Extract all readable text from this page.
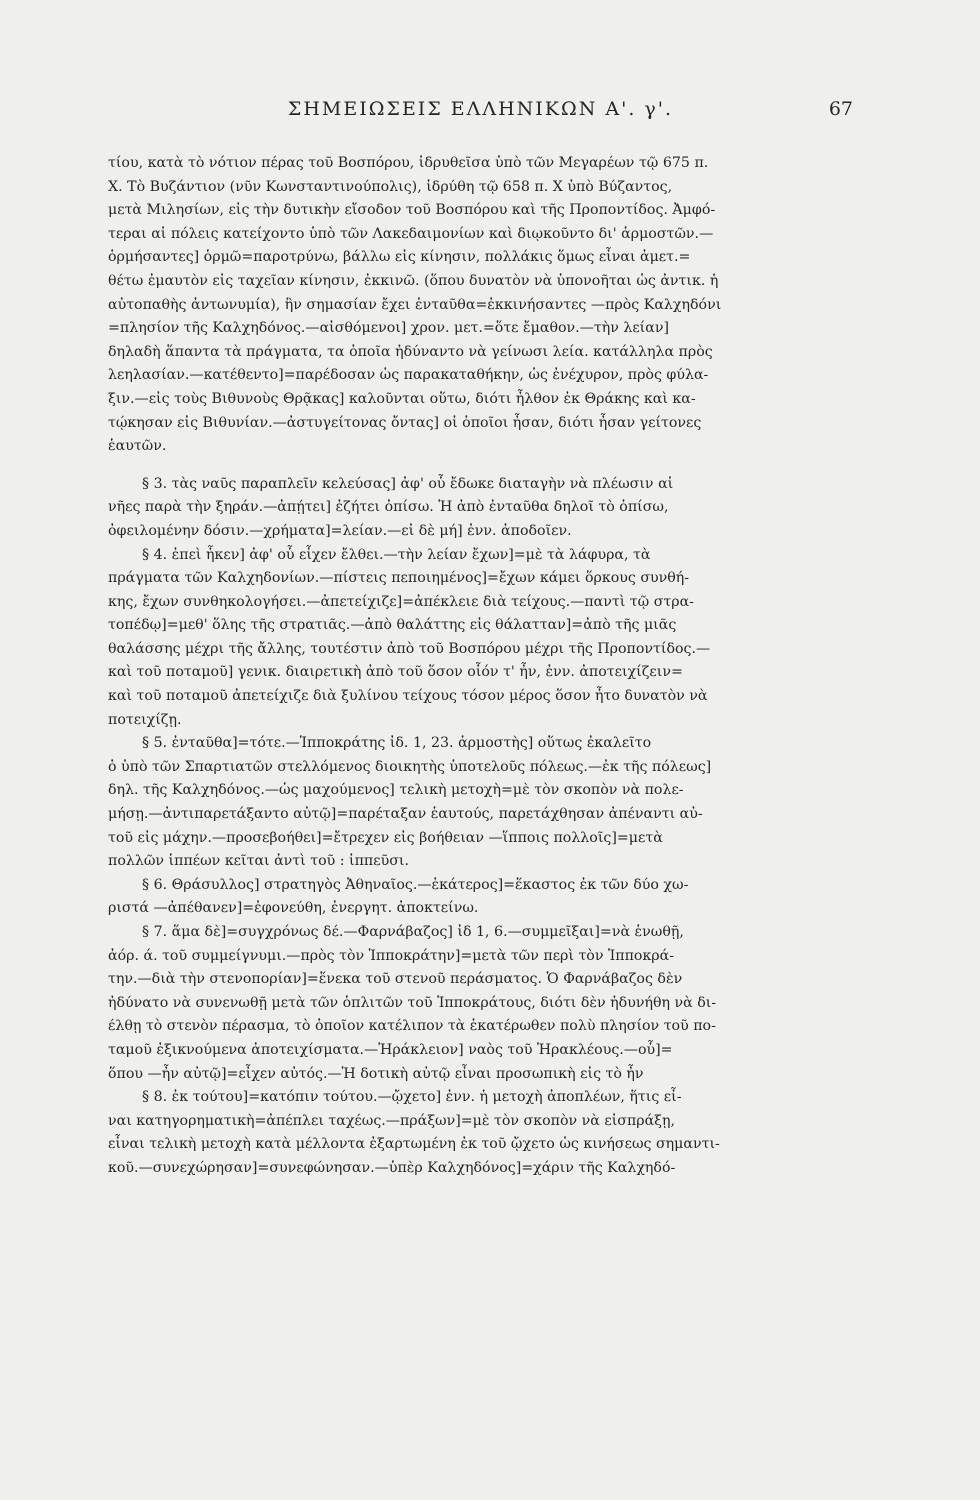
ΣΗΜΕΙΩΣΕΙΣ ΕΛΛΗΝΙΚΩΝ Α'. γ'.	67
τίου, κατὰ τὸ νότιον πέρας τοῦ Βοσπόρου, ἱδρυθεῖσα ὑπὸ τῶν Μεγαρέων τῷ 675 π.
Χ. Τὸ Βυζάντιον (νῦν Κωνσταντινούπολις), ἱδρύθη τῷ 658 π. Χ ὑπὸ Βύζαντος,
μετὰ Μιλησίων, εἰς τὴν δυτικὴν εἴσοδον τοῦ Βοσπόρου καὶ τῆς Προποντίδος. Ἀμφό-
τεραι αἱ πόλεις κατείχοντο ὑπὸ τῶν Λακεδαιμονίων καὶ διῳκοῦντο δι' ἁρμοστῶν.—
ὁρμήσαντες] ὁρμῶ=παροτρύνω, βάλλω εἰς κίνησιν, πολλάκις ὅμως εἶναι ἀμετ.=
θέτω ἐμαυτὸν εἰς ταχεῖαν κίνησιν, ἐκκινῶ. (ὅπου δυνατὸν νὰ ὑπονοῆται ὡς ἀντικ. ἡ
αὐτοπαθὴς ἀντωνυμία), ἣν σημασίαν ἔχει ἐνταῦθα=ἐκκινήσαντες —πρὸς Καλχηδόνι
=πλησίον τῆς Καλχηδόνος.—αἰσθόμενοι] χρον. μετ.=ὅτε ἔμαθον.—τὴν λείαν]
δηλαδὴ ἅπαντα τὰ πράγματα, τα ὁποῖα ἠδύναντο νὰ γείνωσι λεία. κατάλληλα πρὸς
λεηλασίαν.—κατέθεντο]=παρέδοσαν ὡς παρακαταθήκην, ὡς ἐνέχυρον, πρὸς φύλα-
ξιν.—εἰς τοὺς Βιθυνοὺς Θρᾷκας] καλοῦνται οὕτω, διότι ἦλθον ἐκ Θράκης καὶ κα-
τῴκησαν εἰς Βιθυνίαν.—ἀστυγείτονας ὄντας] οἱ ὁποῖοι ἦσαν, διότι ἦσαν γείτονες
ἑαυτῶν.
§ 3. τὰς ναῦς παραπλεῖν κελεύσας] ἀφ' οὗ ἔδωκε διαταγὴν νὰ πλέωσιν αἱ
νῆες παρὰ τὴν ξηράν.—ἀπῄτει] ἐζήτει ὀπίσω. Ἡ ἀπὸ ἐνταῦθα δηλοῖ τὸ ὀπίσω,
ὀφειλομένην δόσιν.—χρήματα]=λείαν.—εἰ δὲ μή] ἐνν. ἀποδοῖεν.
§ 4. ἐπεὶ ἧκεν] ἀφ' οὗ εἶχεν ἔλθει.—τὴν λείαν ἔχων]=μὲ τὰ λάφυρα, τὰ
πράγματα τῶν Καλχηδονίων.—πίστεις πεποιημένος]=ἔχων κάμει ὅρκους συνθή-
κης, ἔχων συνθηκολογήσει.—ἀπετείχιζε]=ἀπέκλειε διὰ τείχους.—παντὶ τῷ στρα-
τοπέδῳ]=μεθ' ὅλης τῆς στρατιᾶς.—ἀπὸ θαλάττης εἰς θάλατταν]=ἀπὸ τῆς μιᾶς
θαλάσσης μέχρι τῆς ἄλλης, τουτέστιν ἀπὸ τοῦ Βοσπόρου μέχρι τῆς Προποντίδος.—
καὶ τοῦ ποταμοῦ] γενικ. διαιρετικὴ ἀπὸ τοῦ ὅσον οἷόν τ' ἦν, ἐνν. ἀποτειχίζειν=
καὶ τοῦ ποταμοῦ ἀπετείχιζε διὰ ξυλίνου τείχους τόσον μέρος ὅσον ἦτο δυνατὸν νὰ
ποτειχίζῃ.
§ 5. ἐνταῦθα]=τότε.—Ἱπποκράτης ἰδ. 1, 23. ἁρμοστὴς] οὕτως ἐκαλεῖτο
ὁ ὑπὸ τῶν Σπαρτιατῶν στελλόμενος διοικητὴς ὑποτελοῦς πόλεως.—ἐκ τῆς πόλεως]
δηλ. τῆς Καλχηδόνος.—ὡς μαχούμενος] τελικὴ μετοχὴ=μὲ τὸν σκοπὸν νὰ πολε-
μήσῃ.—ἀντιπαρετάξαντο αὐτῷ]=παρέταξαν ἑαυτούς, παρετάχθησαν ἀπέναντι αὐ-
τοῦ εἰς μάχην.—προσεβοήθει]=ἔτρεχεν εἰς βοήθειαν —ἵπποις πολλοῖς]=μετὰ
πολλῶν ἱππέων κεῖται ἀντὶ τοῦ : ἱππεῦσι.
§ 6. Θράσυλλος] στρατηγὸς Ἀθηναῖος.—ἑκάτερος]=ἕκαστος ἐκ τῶν δύο χω-
ριστά —ἀπέθανεν]=ἐφονεύθη, ἐνεργητ. ἀποκτείνω.
§ 7. ἅμα δὲ]=συγχρόνως δέ.—Φαρνάβαζος] ἰδ 1, 6.—συμμεῖξαι]=νὰ ἑνωθῇ,
ἀόρ. ά. τοῦ συμμείγνυμι.—πρὸς τὸν Ἱπποκράτην]=μετὰ τῶν περὶ τὸν Ἱπποκρά-
την.—διὰ τὴν στενοπορίαν]=ἕνεκα τοῦ στενοῦ περάσματος. Ὁ Φαρνάβαζος δὲν
ἠδύνατο νὰ συνενωθῇ μετὰ τῶν ὁπλιτῶν τοῦ Ἱπποκράτους, διότι δὲν ἠδυνήθη νὰ δι-
έλθῃ τὸ στενὸν πέρασμα, τὸ ὁποῖον κατέλιπον τὰ ἑκατέρωθεν πολὺ πλησίον τοῦ πο-
ταμοῦ ἐξικνούμενα ἀποτειχίσματα.—Ἡράκλειον] ναὸς τοῦ Ἡρακλέους.—οὗ]=
ὅπου —ἦν αὐτῷ]=εἶχεν αὐτός.—Ἡ δοτικὴ αὐτῷ εἶναι προσωπικὴ εἰς τὸ ἦν
§ 8. ἐκ τούτου]=κατόπιν τούτου.—ᾤχετο] ἐνν. ἡ μετοχὴ ἀποπλέων, ἥτις εἶ-
ναι κατηγορηματικὴ=ἀπέπλει ταχέως.—πράξων]=μὲ τὸν σκοπὸν νὰ εἰσπράξῃ,
εἶναι τελικὴ μετοχὴ κατὰ μέλλοντα ἐξαρτωμένη ἐκ τοῦ ᾤχετο ὡς κινήσεως σημαντι-
κοῦ.—συνεχώρησαν]=συνεφώνησαν.—ὑπὲρ Καλχηδόνος]=χάριν τῆς Καλχηδό-
